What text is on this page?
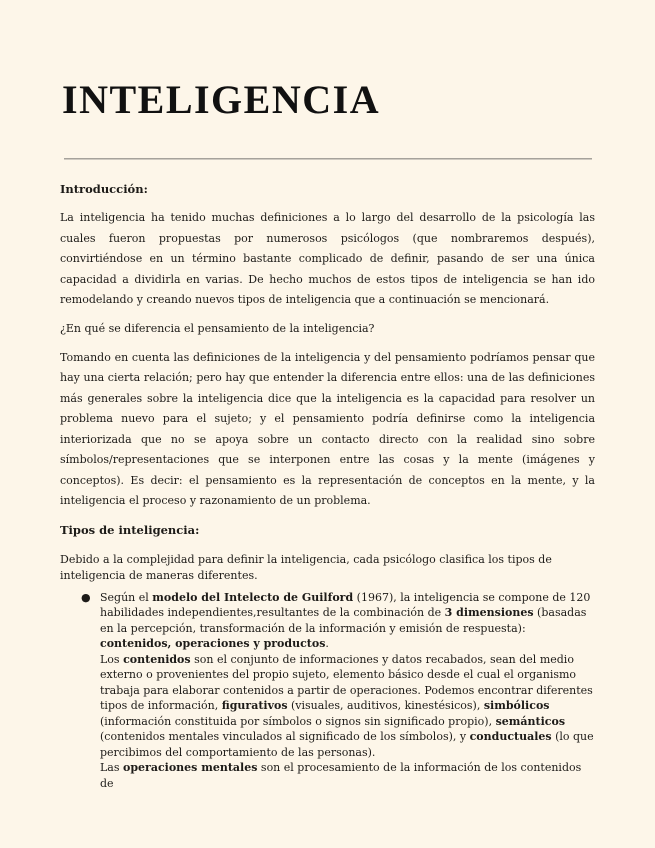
INTELIGENCIA

Introducción:

La inteligencia ha tenido muchas definiciones a lo largo del desarrollo de la psicología las cuales fueron propuestas por numerosos psicólogos (que nombraremos después), convirtiéndose en un término bastante complicado de definir, pasando de ser una única capacidad a dividirla en varias. De hecho muchos de estos tipos de inteligencia se han ido remodelando y creando nuevos tipos de inteligencia que a continuación se mencionará.

¿En qué se diferencia el pensamiento de la inteligencia?

Tomando en cuenta las definiciones de la inteligencia y del pensamiento podríamos pensar que hay una cierta relación; pero hay que entender la diferencia entre ellos: una de las definiciones más generales sobre la inteligencia dice que la inteligencia es la capacidad para resolver un problema nuevo para el sujeto; y el pensamiento podría definirse como la inteligencia interiorizada que no se apoya sobre un contacto directo con la realidad sino sobre símbolos/representaciones que se interponen entre las cosas y la mente (imágenes y conceptos). Es decir: el pensamiento es la representación de conceptos en la mente, y la inteligencia el proceso y razonamiento de un problema.

Tipos de inteligencia:

Debido a la complejidad para definir la inteligencia, cada psicólogo clasifica los tipos de inteligencia de maneras diferentes.

● Según el modelo del Intelecto de Guilford (1967), la inteligencia se compone de 120 habilidades independientes,resultantes de la combinación de 3 dimensiones (basadas en la percepción, transformación de la información y emisión de respuesta): contenidos, operaciones y productos.

Los contenidos son el conjunto de informaciones y datos recabados, sean del medio externo o provenientes del propio sujeto, elemento básico desde el cual el organismo trabaja para elaborar contenidos a partir de operaciones. Podemos encontrar diferentes tipos de información, figurativos (visuales, auditivos, kinestésicos), simbólicos (información constituida por símbolos o signos sin significado propio), semánticos (contenidos mentales vinculados al significado de los símbolos), y conductuales (lo que percibimos del comportamiento de las personas).

Las operaciones mentales son el procesamiento de la información de los contenidos de
